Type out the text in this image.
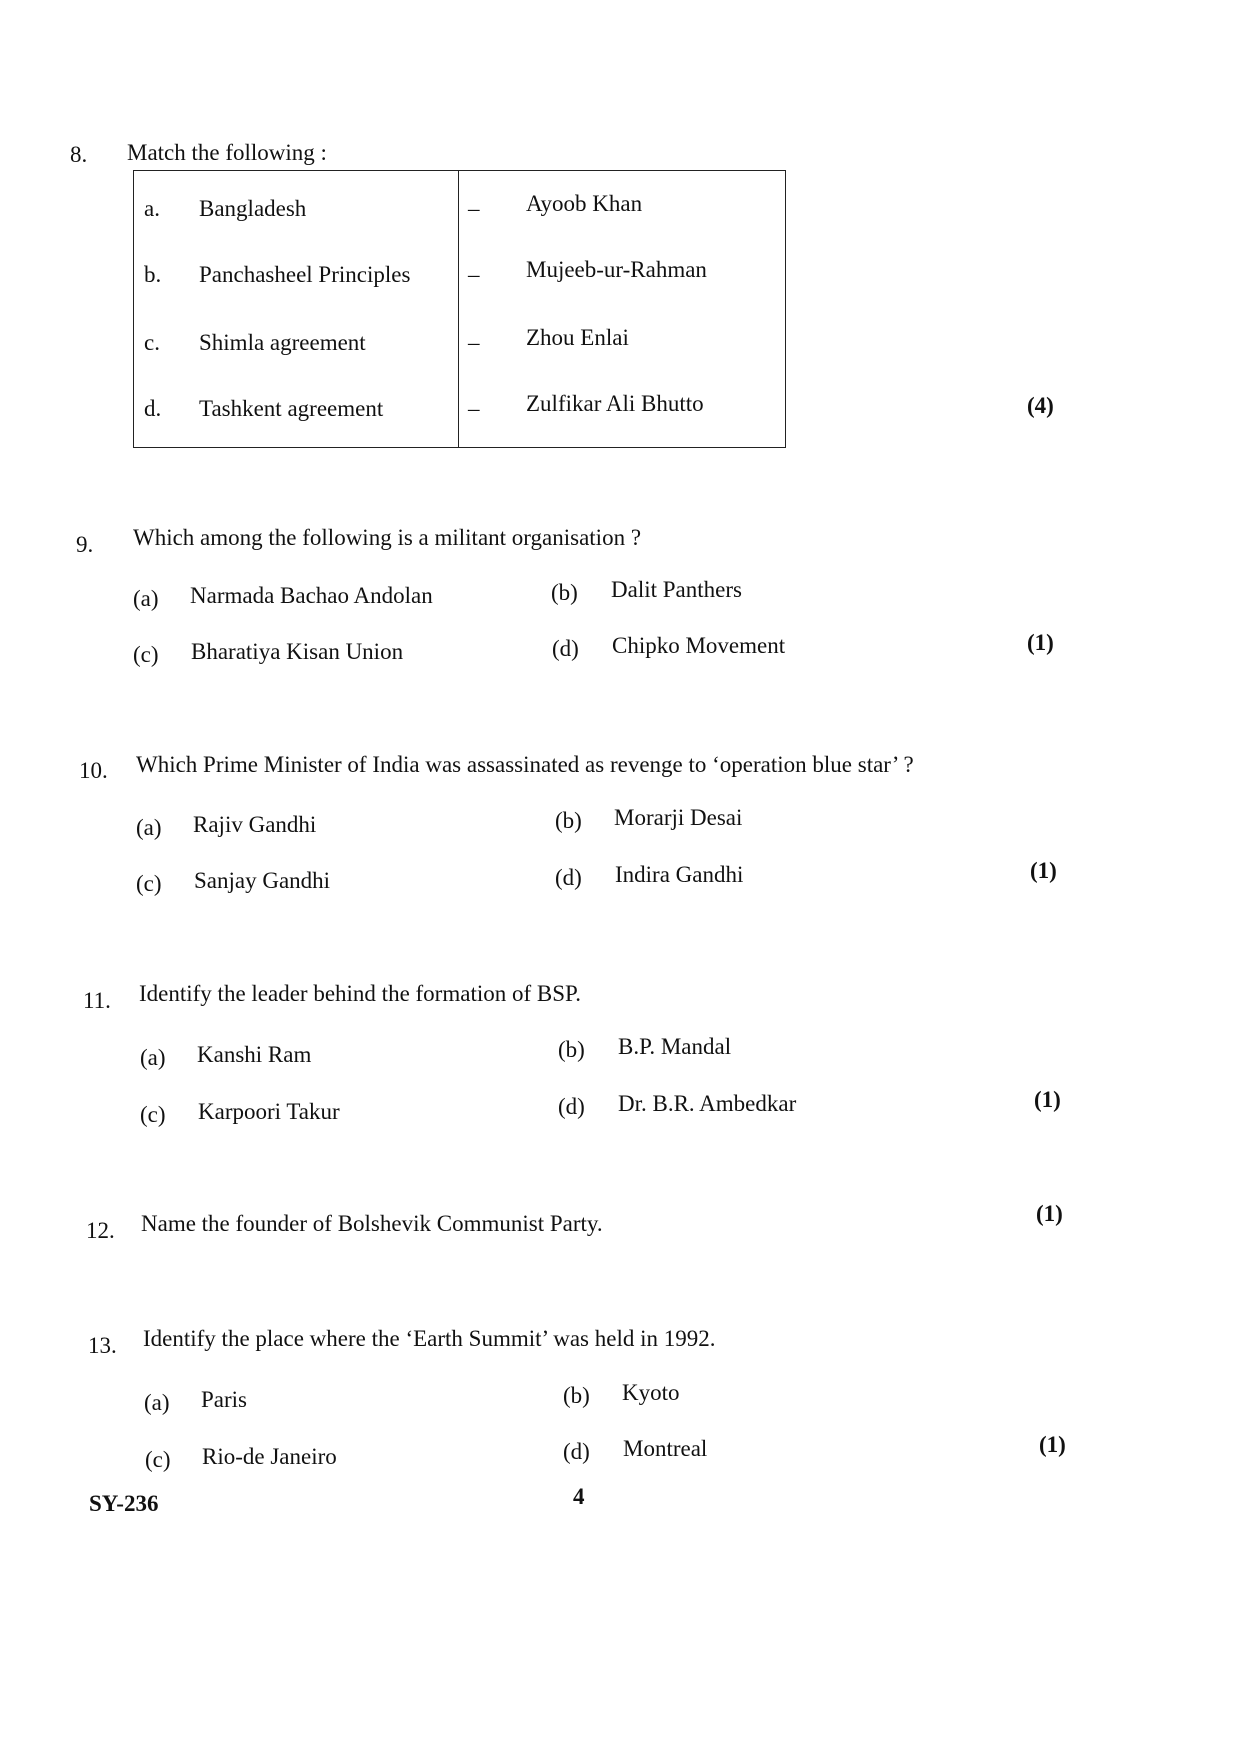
8. Match the following :
a. Bangladesh	– Ayoob Khan
b. Panchasheel Principles	– Mujeeb-ur-Rahman
c. Shimla agreement	– Zhou Enlai
d. Tashkent agreement	– Zulfikar Ali Bhutto	(4)
9. Which among the following is a militant organisation ?
(a) Narmada Bachao Andolan	(b) Dalit Panthers
(c) Bharatiya Kisan Union	(d) Chipko Movement	(1)
10. Which Prime Minister of India was assassinated as revenge to ‘operation blue star’ ?
(a) Rajiv Gandhi	(b) Morarji Desai
(c) Sanjay Gandhi	(d) Indira Gandhi	(1)
11. Identify the leader behind the formation of BSP.
(a) Kanshi Ram	(b) B.P. Mandal
(c) Karpoori Takur	(d) Dr. B.R. Ambedkar	(1)
12. Name the founder of Bolshevik Communist Party.	(1)
13. Identify the place where the ‘Earth Summit’ was held in 1992.
(a) Paris	(b) Kyoto
(c) Rio-de Janeiro	(d) Montreal	(1)
SY-236	4
